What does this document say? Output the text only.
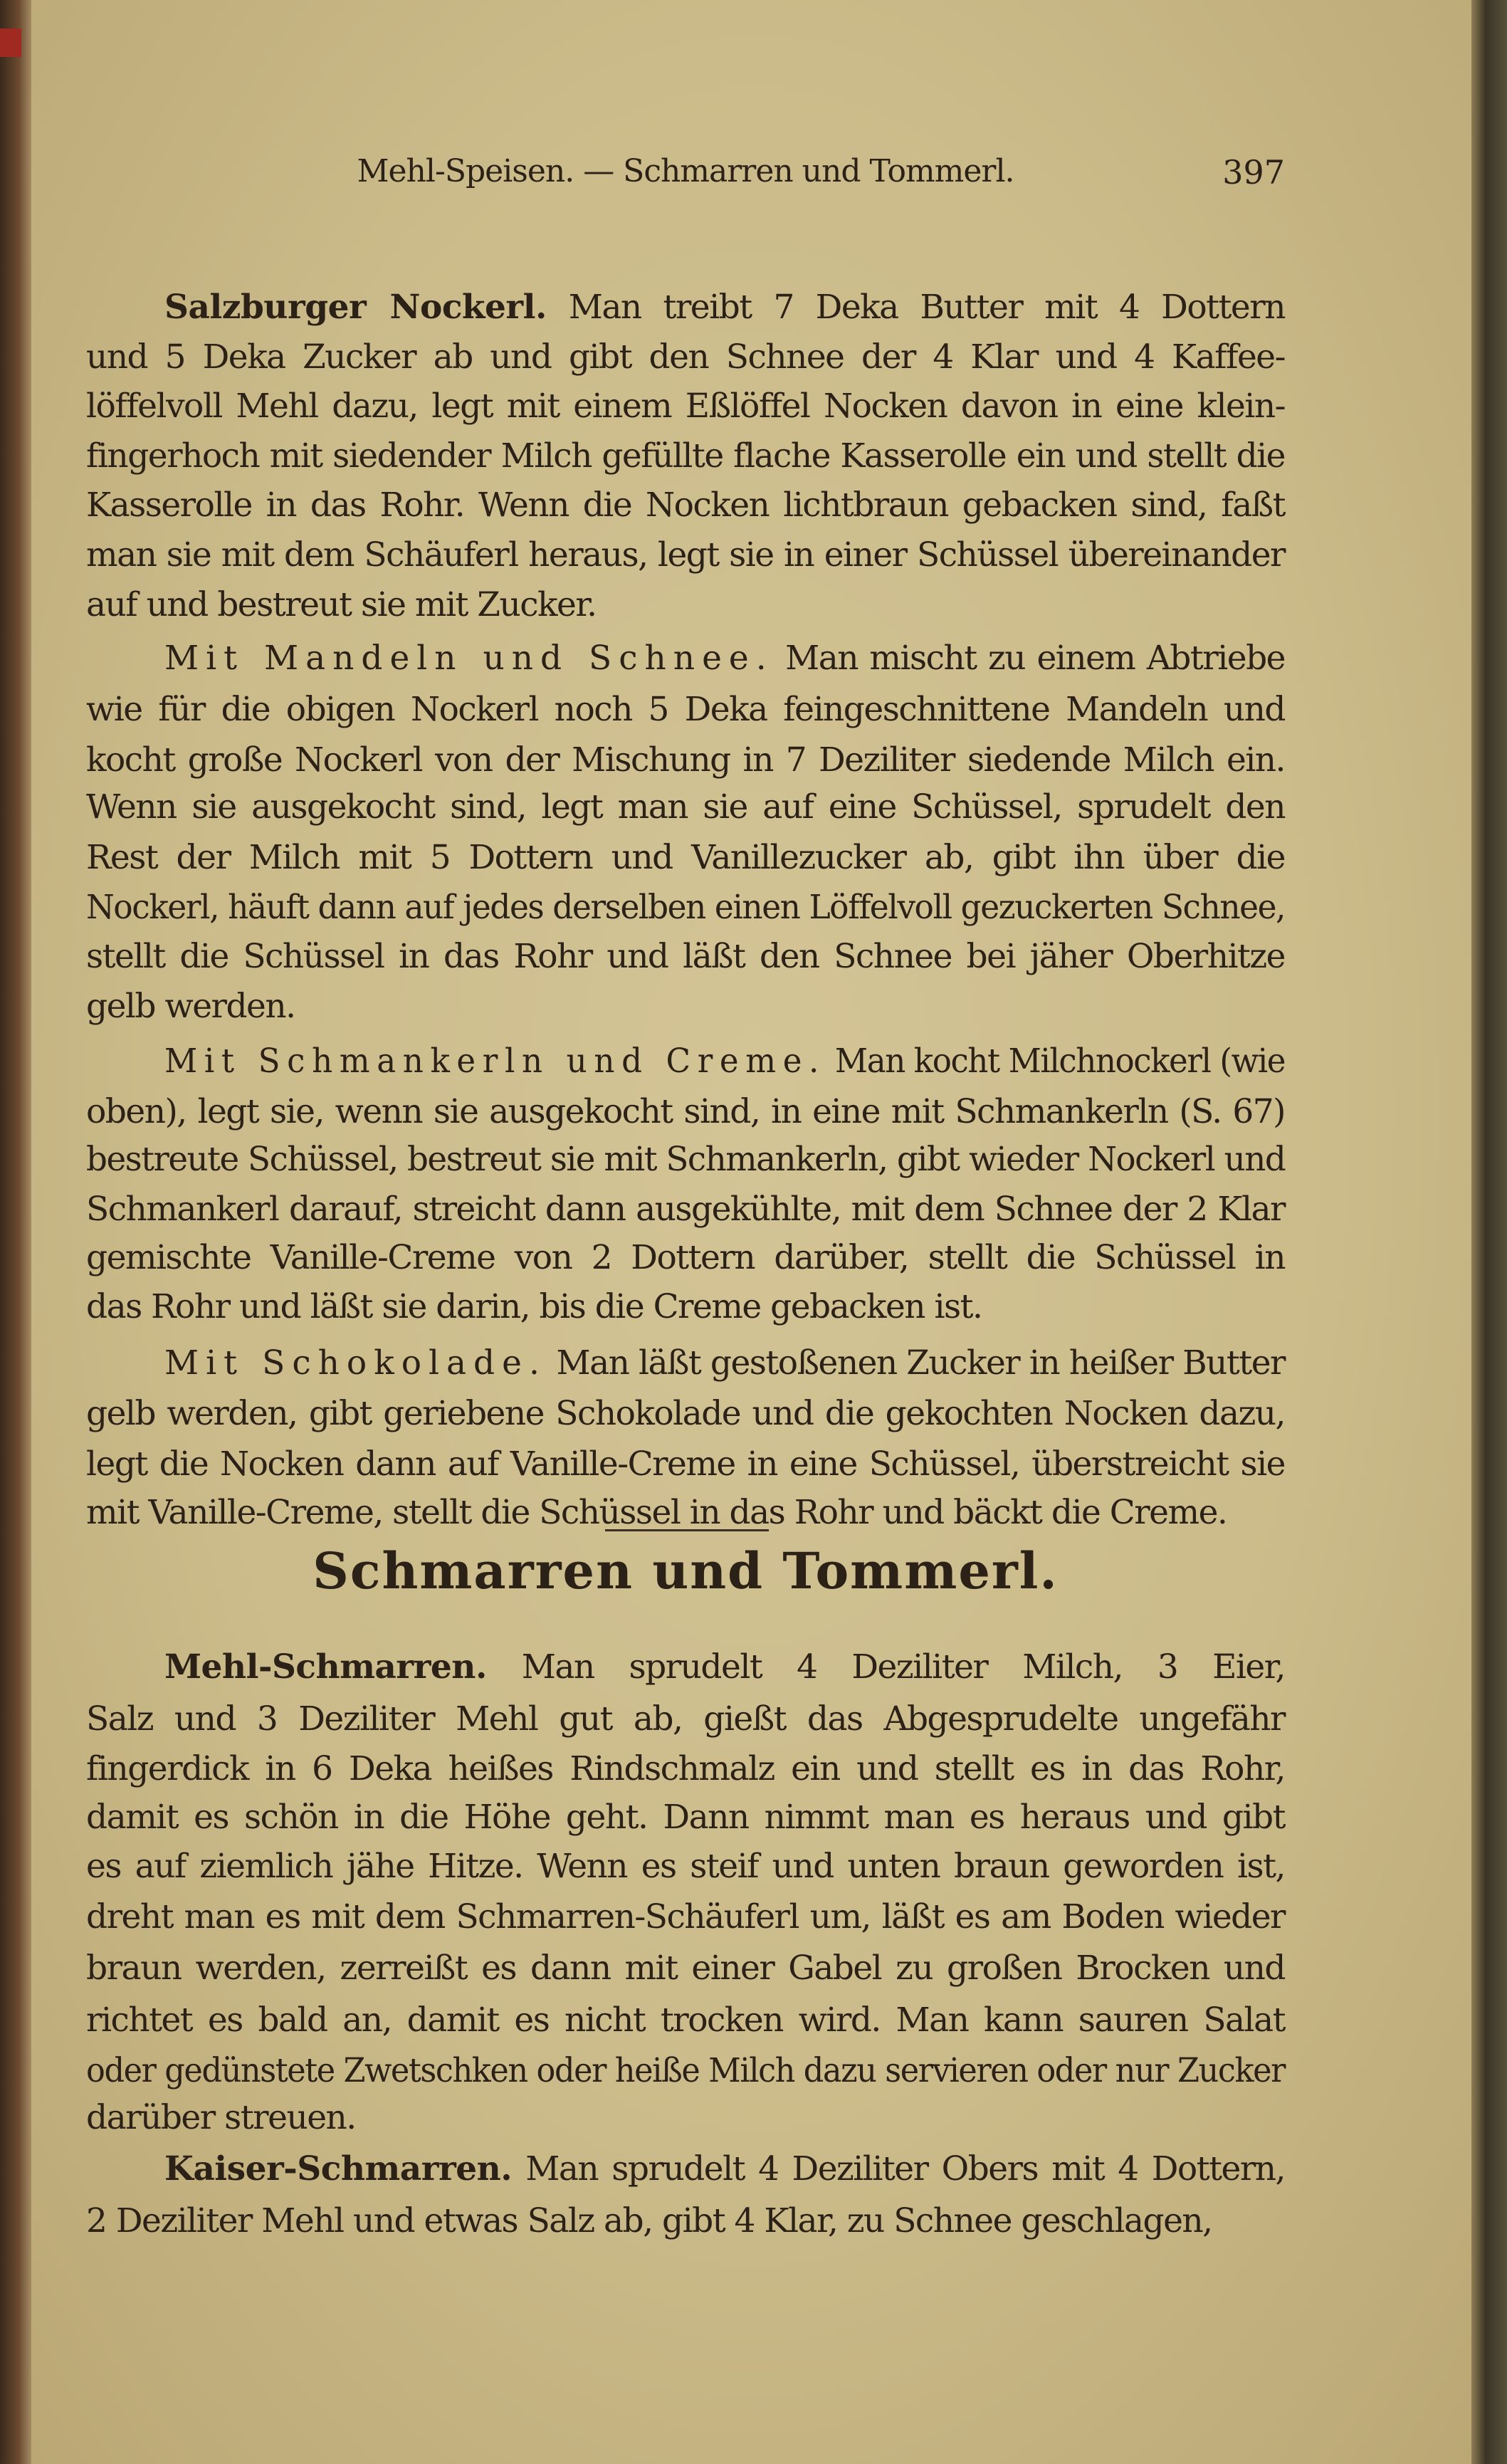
Mehl-Speisen. — Schmarren und Tommerl.	397
Schmarren und Tommerl.
Salzburger Nockerl. Man treibt 7 Deka Butter mit 4 Dottern
und 5 Deka Zucker ab und gibt den Schnee der 4 Klar und 4 Kaffee-
löffelvoll Mehl dazu, legt mit einem Eßlöffel Nocken davon in eine klein-
fingerhoch mit siedender Milch gefüllte flache Kasserolle ein und stellt die
Kasserolle in das Rohr. Wenn die Nocken lichtbraun gebacken sind, faßt
man sie mit dem Schäuferl heraus, legt sie in einer Schüssel übereinander
auf und bestreut sie mit Zucker.
Mit Mandeln und Schnee. Man mischt zu einem Abtriebe
wie für die obigen Nockerl noch 5 Deka feingeschnittene Mandeln und
kocht große Nockerl von der Mischung in 7 Deziliter siedende Milch ein.
Wenn sie ausgekocht sind, legt man sie auf eine Schüssel, sprudelt den
Rest der Milch mit 5 Dottern und Vanillezucker ab, gibt ihn über die
Nockerl, häuft dann auf jedes derselben einen Löffelvoll gezuckerten Schnee,
stellt die Schüssel in das Rohr und läßt den Schnee bei jäher Oberhitze
gelb werden.
Mit Schmankerln und Creme. Man kocht Milchnockerl (wie
oben), legt sie, wenn sie ausgekocht sind, in eine mit Schmankerln (S. 67)
bestreute Schüssel, bestreut sie mit Schmankerln, gibt wieder Nockerl und
Schmankerl darauf, streicht dann ausgekühlte, mit dem Schnee der 2 Klar
gemischte Vanille-Creme von 2 Dottern darüber, stellt die Schüssel in
das Rohr und läßt sie darin, bis die Creme gebacken ist.
Mit Schokolade. Man läßt gestoßenen Zucker in heißer Butter
gelb werden, gibt geriebene Schokolade und die gekochten Nocken dazu,
legt die Nocken dann auf Vanille-Creme in eine Schüssel, überstreicht sie
mit Vanille-Creme, stellt die Schüssel in das Rohr und bäckt die Creme.
Mehl-Schmarren. Man sprudelt 4 Deziliter Milch, 3 Eier,
Salz und 3 Deziliter Mehl gut ab, gießt das Abgesprudelte ungefähr
fingerdick in 6 Deka heißes Rindschmalz ein und stellt es in das Rohr,
damit es schön in die Höhe geht. Dann nimmt man es heraus und gibt
es auf ziemlich jähe Hitze. Wenn es steif und unten braun geworden ist,
dreht man es mit dem Schmarren-Schäuferl um, läßt es am Boden wieder
braun werden, zerreißt es dann mit einer Gabel zu großen Brocken und
richtet es bald an, damit es nicht trocken wird. Man kann sauren Salat
oder gedünstete Zwetschken oder heiße Milch dazu servieren oder nur Zucker
darüber streuen.
Kaiser-Schmarren. Man sprudelt 4 Deziliter Obers mit 4 Dottern,
2 Deziliter Mehl und etwas Salz ab, gibt 4 Klar, zu Schnee geschlagen,
